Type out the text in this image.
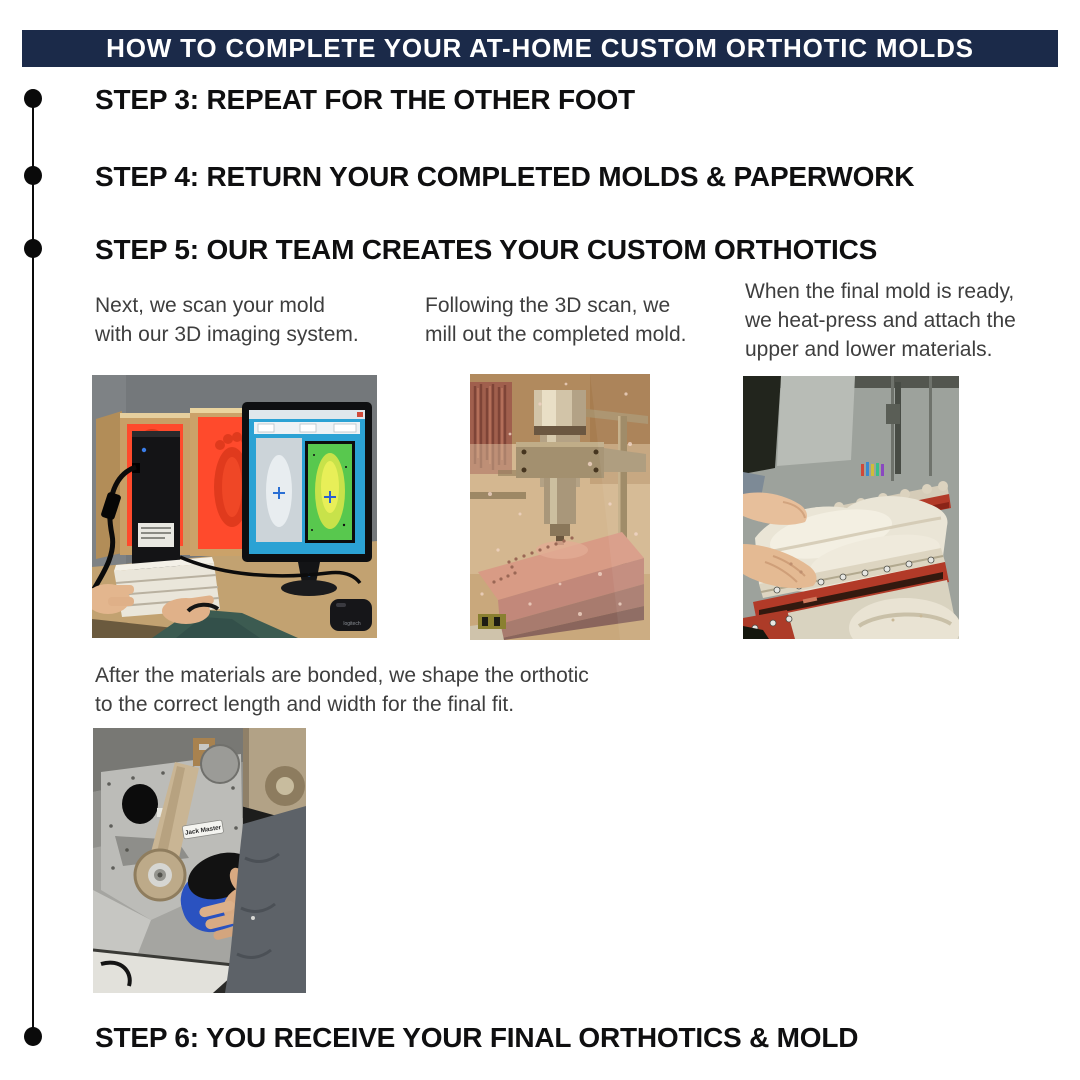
HOW TO COMPLETE YOUR AT-HOME CUSTOM ORTHOTIC MOLDS
STEP 3: REPEAT FOR THE OTHER FOOT
STEP 4: RETURN YOUR COMPLETED MOLDS & PAPERWORK
STEP 5: OUR TEAM CREATES YOUR CUSTOM ORTHOTICS
STEP 6: YOU RECEIVE YOUR FINAL ORTHOTICS & MOLD
Next, we scan your mold
with our 3D imaging system.
Following the 3D scan, we
mill out the completed mold.
When the final mold is ready,
we heat-press and attach the
upper and lower materials.
After the materials are bonded, we shape the orthotic
to the correct length and width for the final fit.
logitech
Jack Master
